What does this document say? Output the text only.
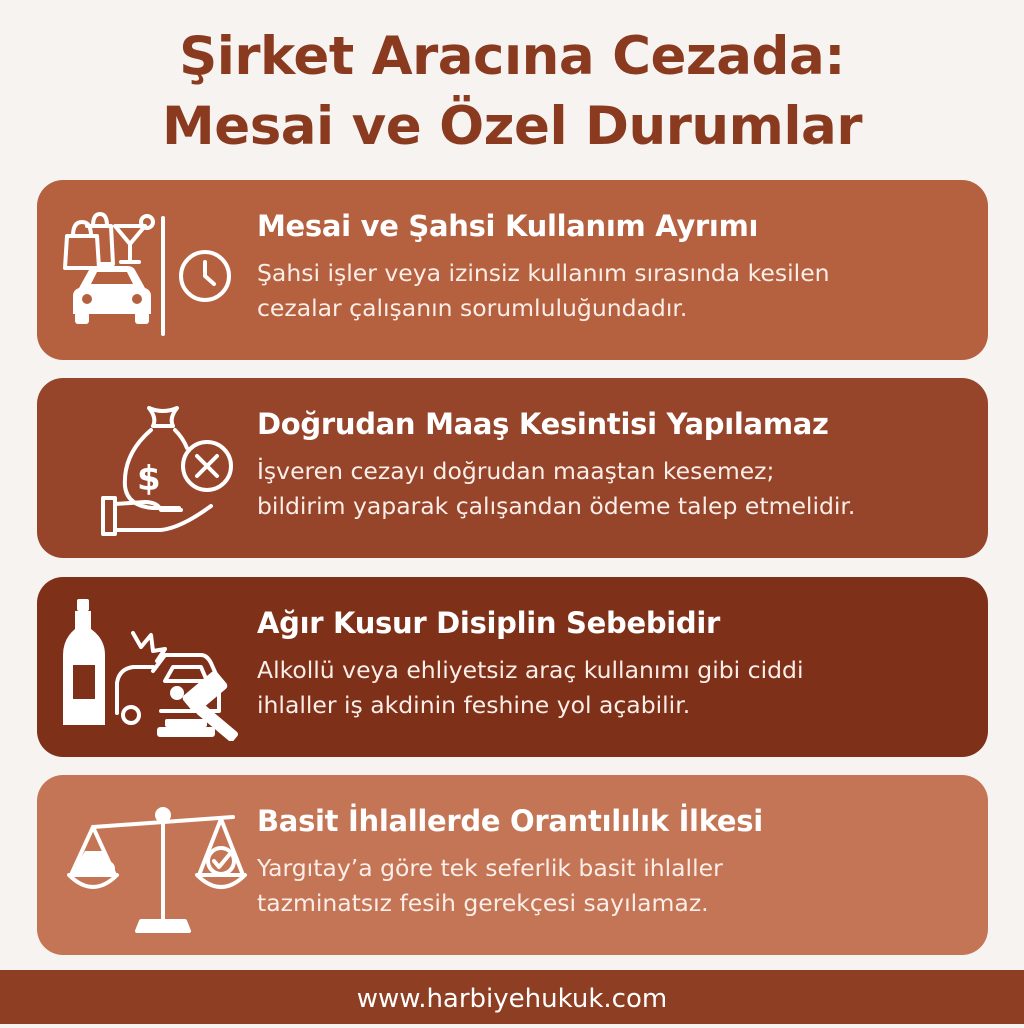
Şirket Aracına Cezada:
Mesai ve Özel Durumlar
Mesai ve Şahsi Kullanım Ayrımı
Şahsi işler veya izinsiz kullanım sırasında kesilen
cezalar çalışanın sorumluluğundadır.
$
Doğrudan Maaş Kesintisi Yapılamaz
İşveren cezayı doğrudan maaştan kesemez;
bildirim yaparak çalışandan ödeme talep etmelidir.
Ağır Kusur Disiplin Sebebidir
Alkollü veya ehliyetsiz araç kullanımı gibi ciddi
ihlaller iş akdinin feshine yol açabilir.
Basit İhlallerde Orantılılık İlkesi
Yargıtay’a göre tek seferlik basit ihlaller
tazminatsız fesih gerekçesi sayılamaz.
www.harbiyehukuk.com
